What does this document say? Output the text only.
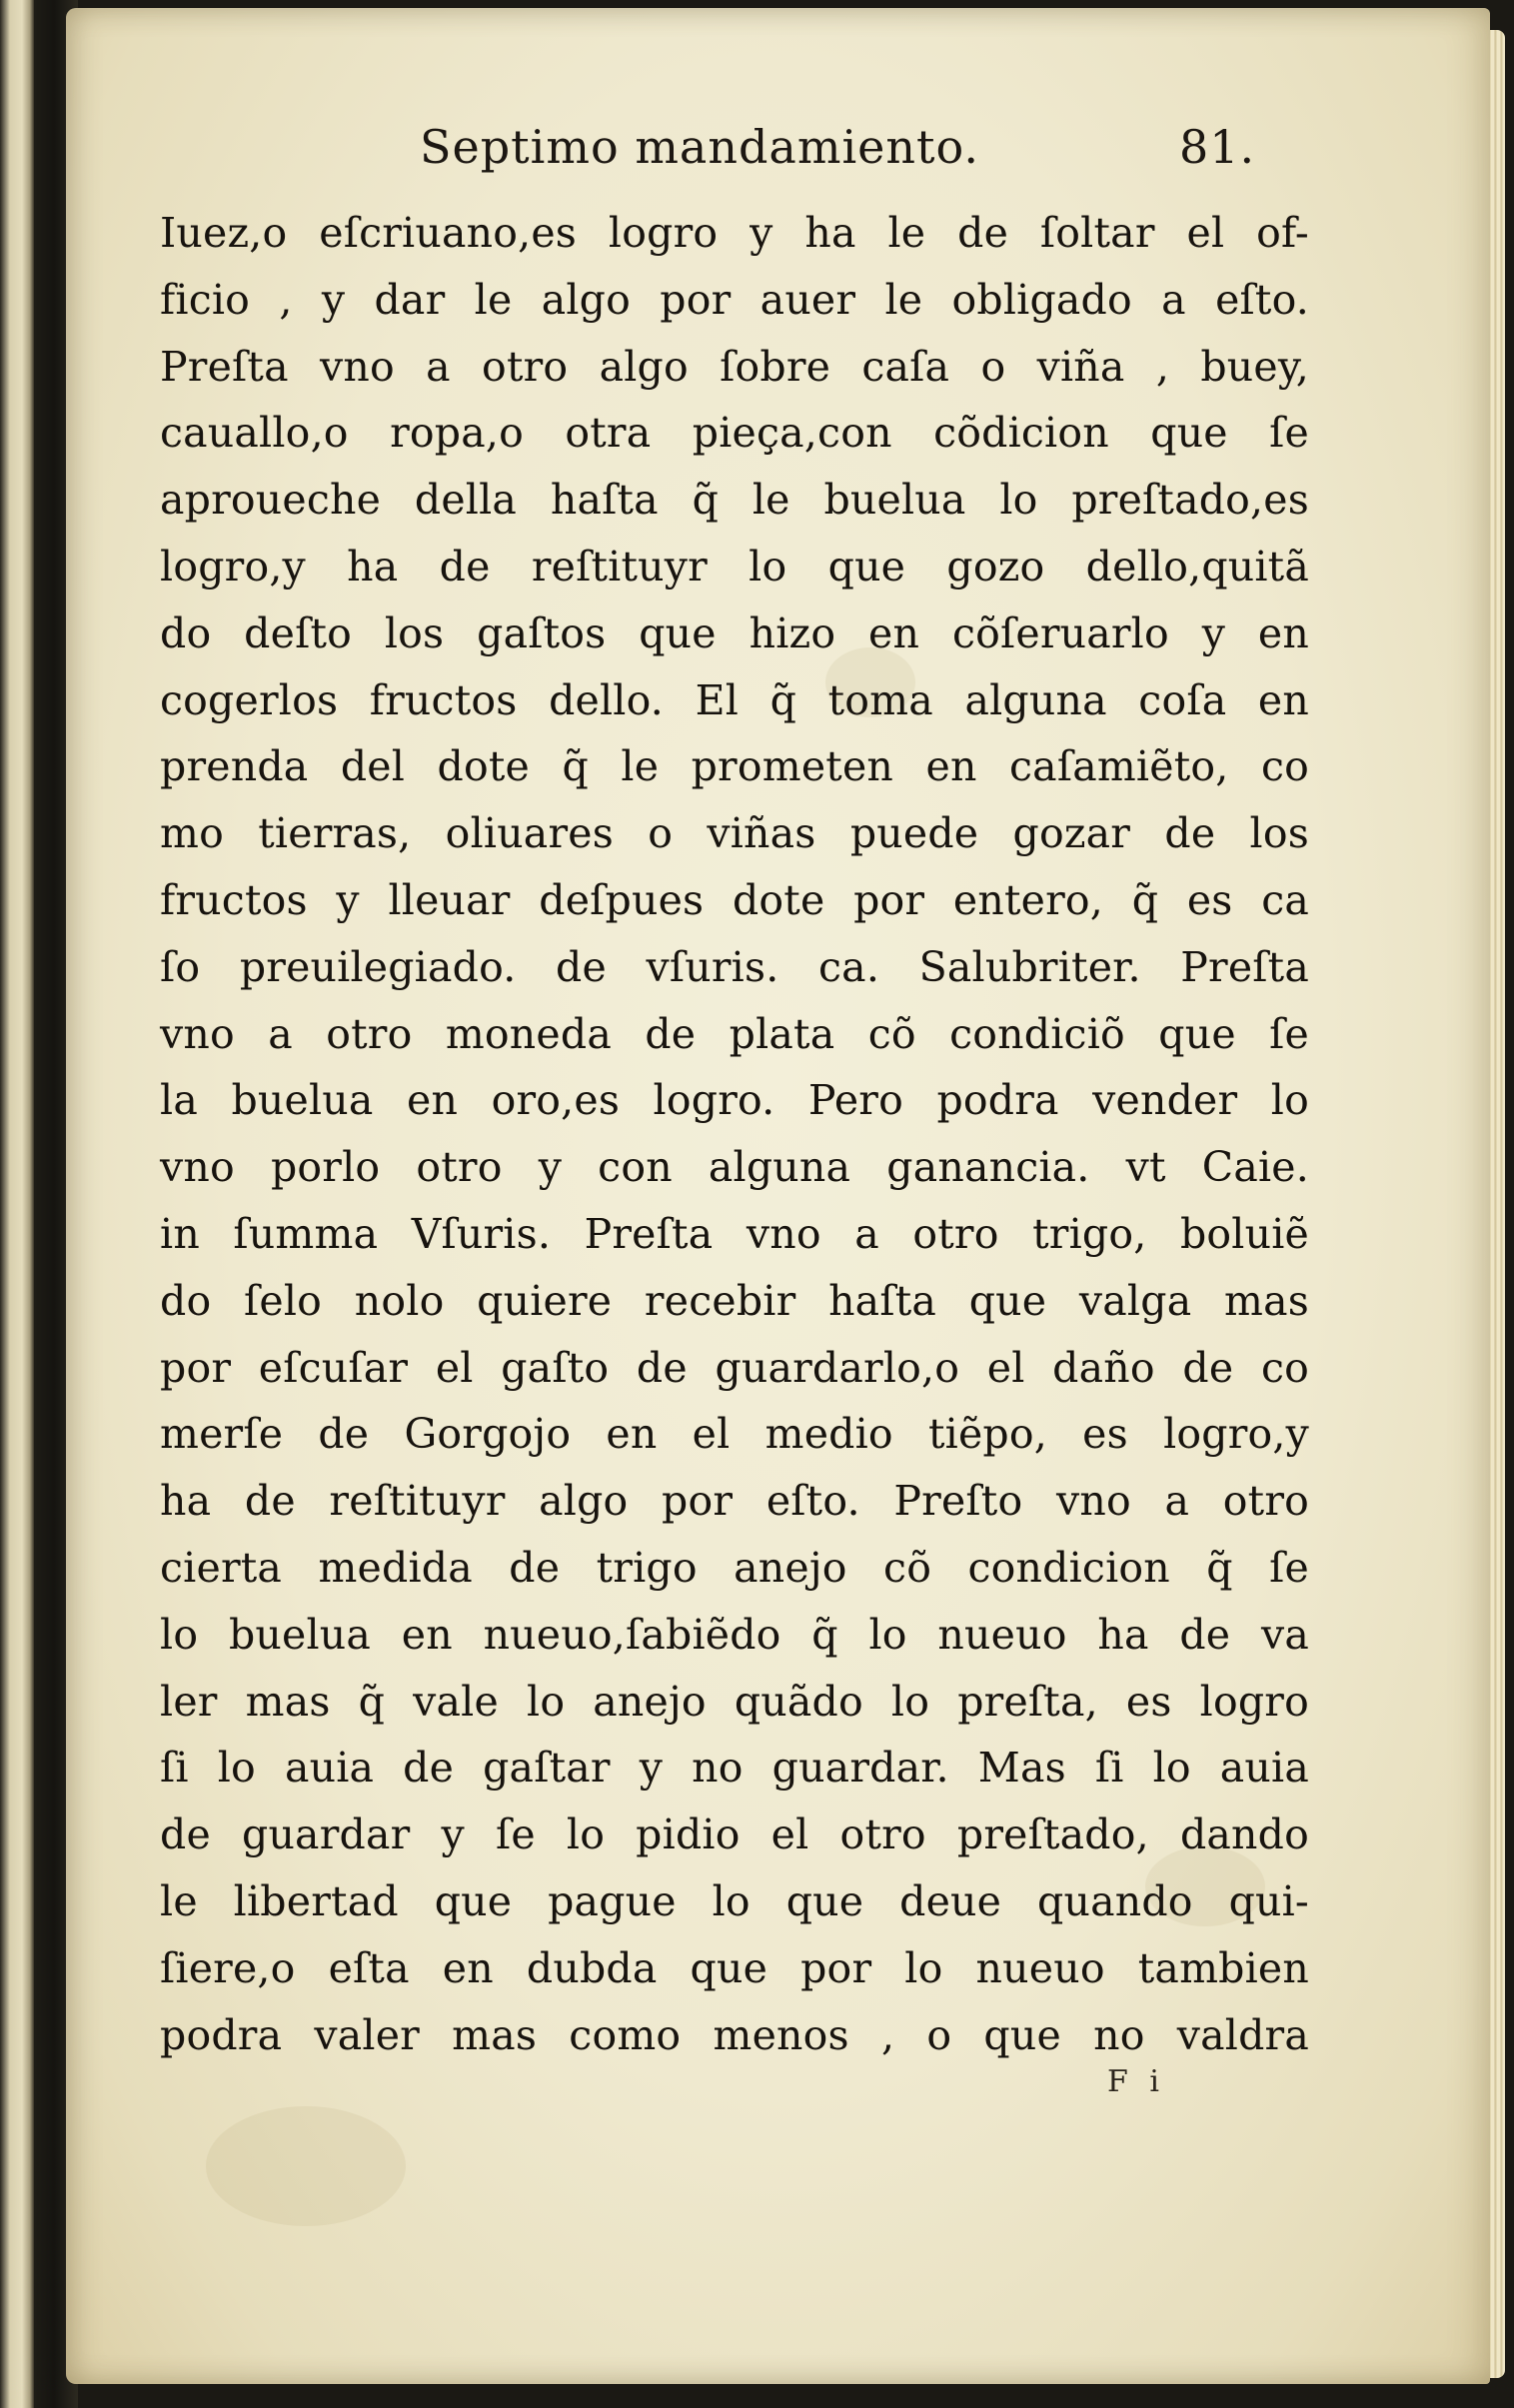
Septimo mandamiento.	81.
Iuez,o eſcriuano,es logro y ha le de ſoltar el of-
ficio , y dar le algo por auer le obligado a eſto.
Preſta vno a otro algo ſobre caſa o viña , buey,
cauallo,o ropa,o otra pieça,con cõdicion que ſe
aproueche della haſta q̃ le buelua lo preſtado,es
logro,y ha de reſtituyr lo que gozo dello,quitã
do deſto los gaſtos que hizo en cõſeruarlo y en
cogerlos fructos dello. El q̃ toma alguna coſa en
prenda del dote q̃ le prometen en caſamiẽto, co
mo tierras, oliuares o viñas puede gozar de los
fructos y lleuar deſpues dote por entero, q̃ es ca
ſo preuilegiado. de vſuris. ca. Salubriter. Preſta
vno a otro moneda de plata cõ condiciõ que ſe
la buelua en oro,es logro. Pero podra vender lo
vno porlo otro y con alguna ganancia. vt Caie.
in ſumma Vſuris. Preſta vno a otro trigo, boluiẽ
do ſelo nolo quiere recebir haſta que valga mas
por eſcuſar el gaſto de guardarlo,o el daño de co
merſe de Gorgojo en el medio tiẽpo, es logro,y
ha de reſtituyr algo por eſto. Preſto vno a otro
cierta medida de trigo anejo cõ condicion q̃ ſe
lo buelua en nueuo,ſabiẽdo q̃ lo nueuo ha de va
ler mas q̃ vale lo anejo quãdo lo preſta, es logro
ſi lo auia de gaſtar y no guardar. Mas ſi lo auia
de guardar y ſe lo pidio el otro preſtado, dando
le libertad que pague lo que deue quando qui-
ſiere,o eſta en dubda que por lo nueuo tambien
podra valer mas como menos , o que no valdra
F i
